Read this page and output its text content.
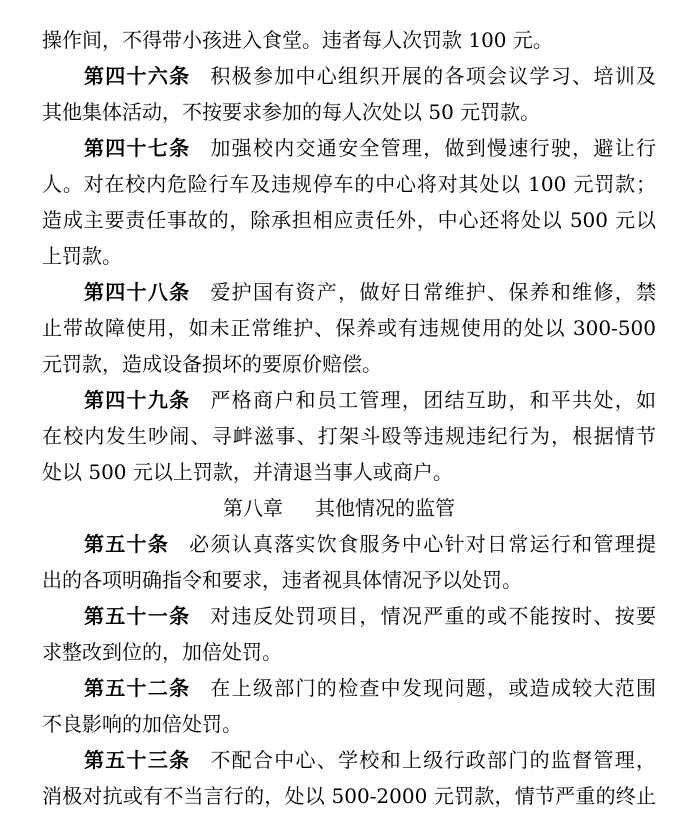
操作间，不得带小孩进入食堂。违者每人次罚款 100 元。
第四十六条 积极参加中心组织开展的各项会议学习、培训及
其他集体活动，不按要求参加的每人次处以 50 元罚款。
第四十七条 加强校内交通安全管理，做到慢速行驶，避让行
人。对在校内危险行车及违规停车的中心将对其处以 100 元罚款；
造成主要责任事故的，除承担相应责任外，中心还将处以 500 元以
上罚款。
第四十八条 爱护国有资产，做好日常维护、保养和维修，禁
止带故障使用，如未正常维护、保养或有违规使用的处以 300-500
元罚款，造成设备损坏的要原价赔偿。
第四十九条 严格商户和员工管理，团结互助，和平共处，如
在校内发生吵闹、寻衅滋事、打架斗殴等违规违纪行为，根据情节
处以 500 元以上罚款，并清退当事人或商户。
第八章 其他情况的监管
第五十条 必须认真落实饮食服务中心针对日常运行和管理提
出的各项明确指令和要求，违者视具体情况予以处罚。
第五十一条 对违反处罚项目，情况严重的或不能按时、按要
求整改到位的，加倍处罚。
第五十二条 在上级部门的检查中发现问题，或造成较大范围
不良影响的加倍处罚。
第五十三条 不配合中心、学校和上级行政部门的监督管理，
消极对抗或有不当言行的，处以 500-2000 元罚款，情节严重的终止
